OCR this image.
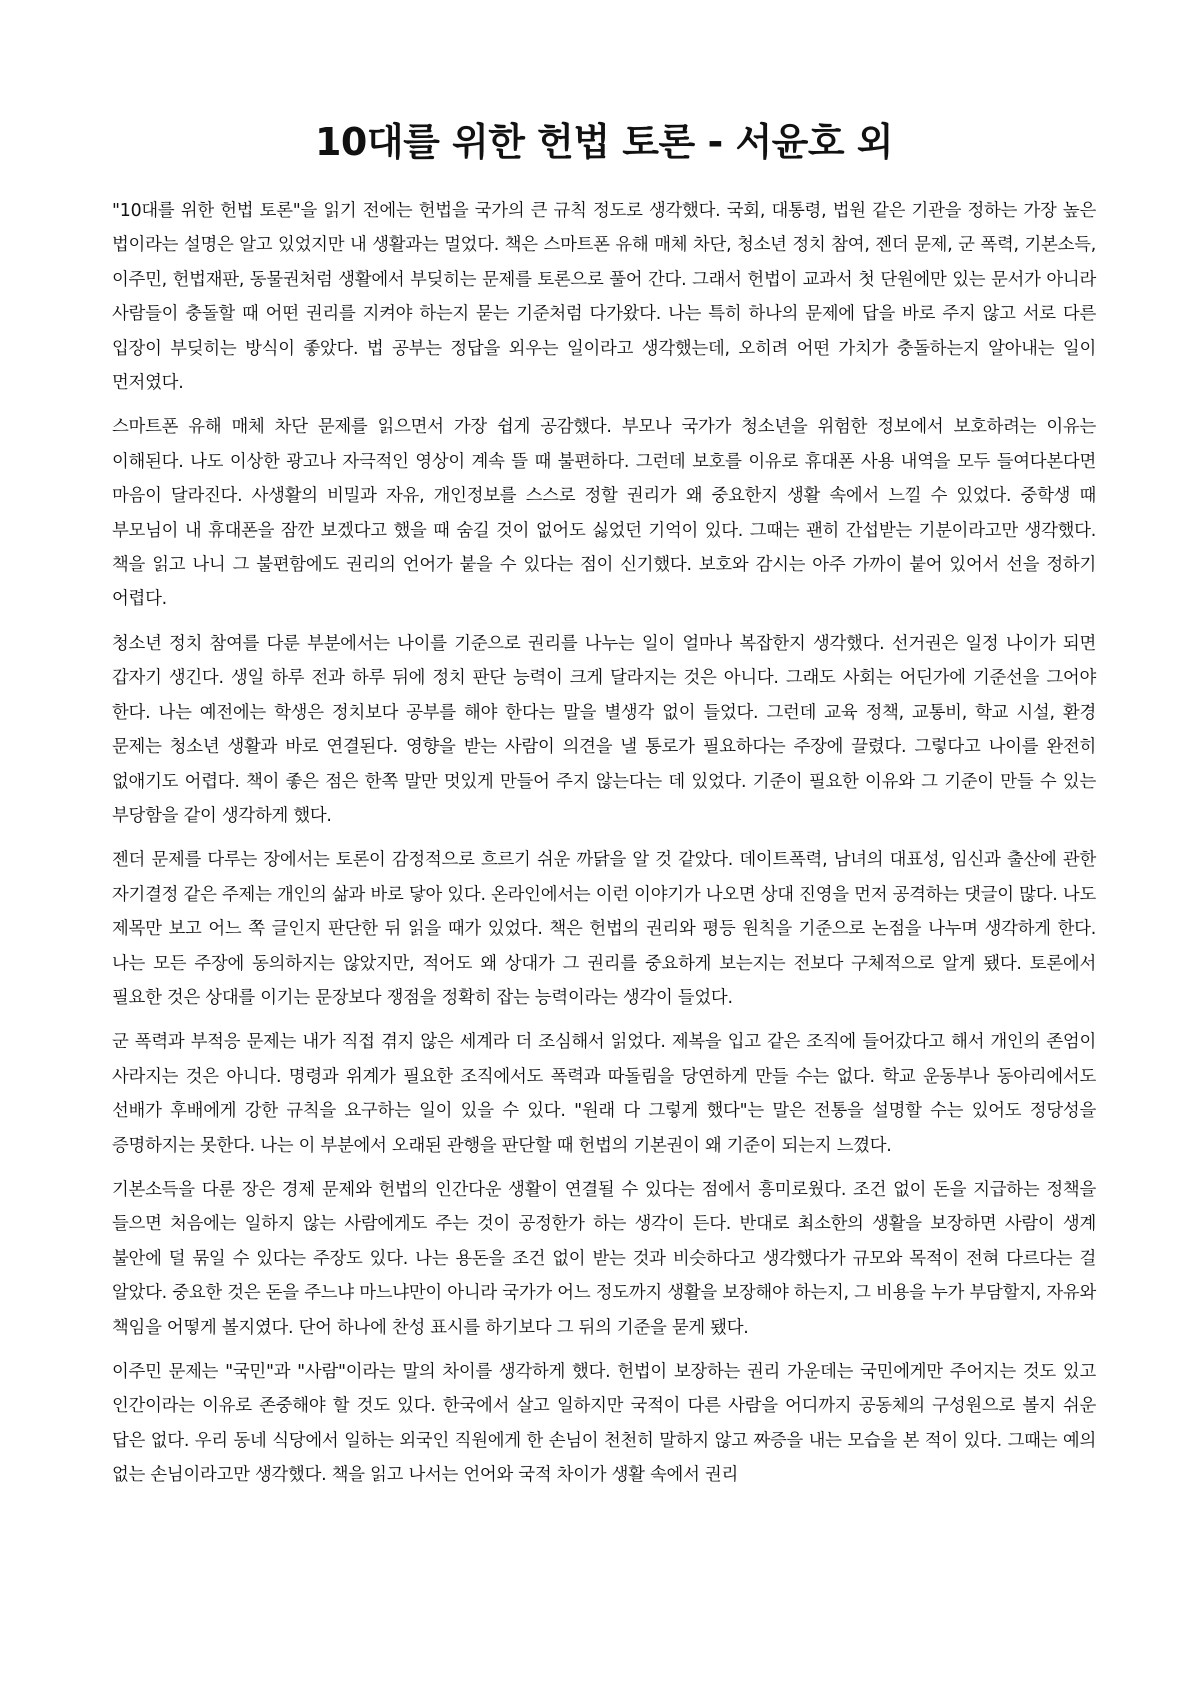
10대를 위한 헌법 토론 - 서윤호 외

"10대를 위한 헌법 토론"을 읽기 전에는 헌법을 국가의 큰 규칙 정도로 생각했다. 국회, 대통령, 법원 같은 기관을 정하는 가장 높은 법이라는 설명은 알고 있었지만 내 생활과는 멀었다. 책은 스마트폰 유해 매체 차단, 청소년 정치 참여, 젠더 문제, 군 폭력, 기본소득, 이주민, 헌법재판, 동물권처럼 생활에서 부딪히는 문제를 토론으로 풀어 간다. 그래서 헌법이 교과서 첫 단원에만 있는 문서가 아니라 사람들이 충돌할 때 어떤 권리를 지켜야 하는지 묻는 기준처럼 다가왔다. 나는 특히 하나의 문제에 답을 바로 주지 않고 서로 다른 입장이 부딪히는 방식이 좋았다. 법 공부는 정답을 외우는 일이라고 생각했는데, 오히려 어떤 가치가 충돌하는지 알아내는 일이 먼저였다.

스마트폰 유해 매체 차단 문제를 읽으면서 가장 쉽게 공감했다. 부모나 국가가 청소년을 위험한 정보에서 보호하려는 이유는 이해된다. 나도 이상한 광고나 자극적인 영상이 계속 뜰 때 불편하다. 그런데 보호를 이유로 휴대폰 사용 내역을 모두 들여다본다면 마음이 달라진다. 사생활의 비밀과 자유, 개인정보를 스스로 정할 권리가 왜 중요한지 생활 속에서 느낄 수 있었다. 중학생 때 부모님이 내 휴대폰을 잠깐 보겠다고 했을 때 숨길 것이 없어도 싫었던 기억이 있다. 그때는 괜히 간섭받는 기분이라고만 생각했다. 책을 읽고 나니 그 불편함에도 권리의 언어가 붙을 수 있다는 점이 신기했다. 보호와 감시는 아주 가까이 붙어 있어서 선을 정하기 어렵다.

청소년 정치 참여를 다룬 부분에서는 나이를 기준으로 권리를 나누는 일이 얼마나 복잡한지 생각했다. 선거권은 일정 나이가 되면 갑자기 생긴다. 생일 하루 전과 하루 뒤에 정치 판단 능력이 크게 달라지는 것은 아니다. 그래도 사회는 어딘가에 기준선을 그어야 한다. 나는 예전에는 학생은 정치보다 공부를 해야 한다는 말을 별생각 없이 들었다. 그런데 교육 정책, 교통비, 학교 시설, 환경 문제는 청소년 생활과 바로 연결된다. 영향을 받는 사람이 의견을 낼 통로가 필요하다는 주장에 끌렸다. 그렇다고 나이를 완전히 없애기도 어렵다. 책이 좋은 점은 한쪽 말만 멋있게 만들어 주지 않는다는 데 있었다. 기준이 필요한 이유와 그 기준이 만들 수 있는 부당함을 같이 생각하게 했다.

젠더 문제를 다루는 장에서는 토론이 감정적으로 흐르기 쉬운 까닭을 알 것 같았다. 데이트폭력, 남녀의 대표성, 임신과 출산에 관한 자기결정 같은 주제는 개인의 삶과 바로 닿아 있다. 온라인에서는 이런 이야기가 나오면 상대 진영을 먼저 공격하는 댓글이 많다. 나도 제목만 보고 어느 쪽 글인지 판단한 뒤 읽을 때가 있었다. 책은 헌법의 권리와 평등 원칙을 기준으로 논점을 나누며 생각하게 한다. 나는 모든 주장에 동의하지는 않았지만, 적어도 왜 상대가 그 권리를 중요하게 보는지는 전보다 구체적으로 알게 됐다. 토론에서 필요한 것은 상대를 이기는 문장보다 쟁점을 정확히 잡는 능력이라는 생각이 들었다.

군 폭력과 부적응 문제는 내가 직접 겪지 않은 세계라 더 조심해서 읽었다. 제복을 입고 같은 조직에 들어갔다고 해서 개인의 존엄이 사라지는 것은 아니다. 명령과 위계가 필요한 조직에서도 폭력과 따돌림을 당연하게 만들 수는 없다. 학교 운동부나 동아리에서도 선배가 후배에게 강한 규칙을 요구하는 일이 있을 수 있다. "원래 다 그렇게 했다"는 말은 전통을 설명할 수는 있어도 정당성을 증명하지는 못한다. 나는 이 부분에서 오래된 관행을 판단할 때 헌법의 기본권이 왜 기준이 되는지 느꼈다.

기본소득을 다룬 장은 경제 문제와 헌법의 인간다운 생활이 연결될 수 있다는 점에서 흥미로웠다. 조건 없이 돈을 지급하는 정책을 들으면 처음에는 일하지 않는 사람에게도 주는 것이 공정한가 하는 생각이 든다. 반대로 최소한의 생활을 보장하면 사람이 생계 불안에 덜 묶일 수 있다는 주장도 있다. 나는 용돈을 조건 없이 받는 것과 비슷하다고 생각했다가 규모와 목적이 전혀 다르다는 걸 알았다. 중요한 것은 돈을 주느냐 마느냐만이 아니라 국가가 어느 정도까지 생활을 보장해야 하는지, 그 비용을 누가 부담할지, 자유와 책임을 어떻게 볼지였다. 단어 하나에 찬성 표시를 하기보다 그 뒤의 기준을 묻게 됐다.

이주민 문제는 "국민"과 "사람"이라는 말의 차이를 생각하게 했다. 헌법이 보장하는 권리 가운데는 국민에게만 주어지는 것도 있고 인간이라는 이유로 존중해야 할 것도 있다. 한국에서 살고 일하지만 국적이 다른 사람을 어디까지 공동체의 구성원으로 볼지 쉬운 답은 없다. 우리 동네 식당에서 일하는 외국인 직원에게 한 손님이 천천히 말하지 않고 짜증을 내는 모습을 본 적이 있다. 그때는 예의 없는 손님이라고만 생각했다. 책을 읽고 나서는 언어와 국적 차이가 생활 속에서 권리
